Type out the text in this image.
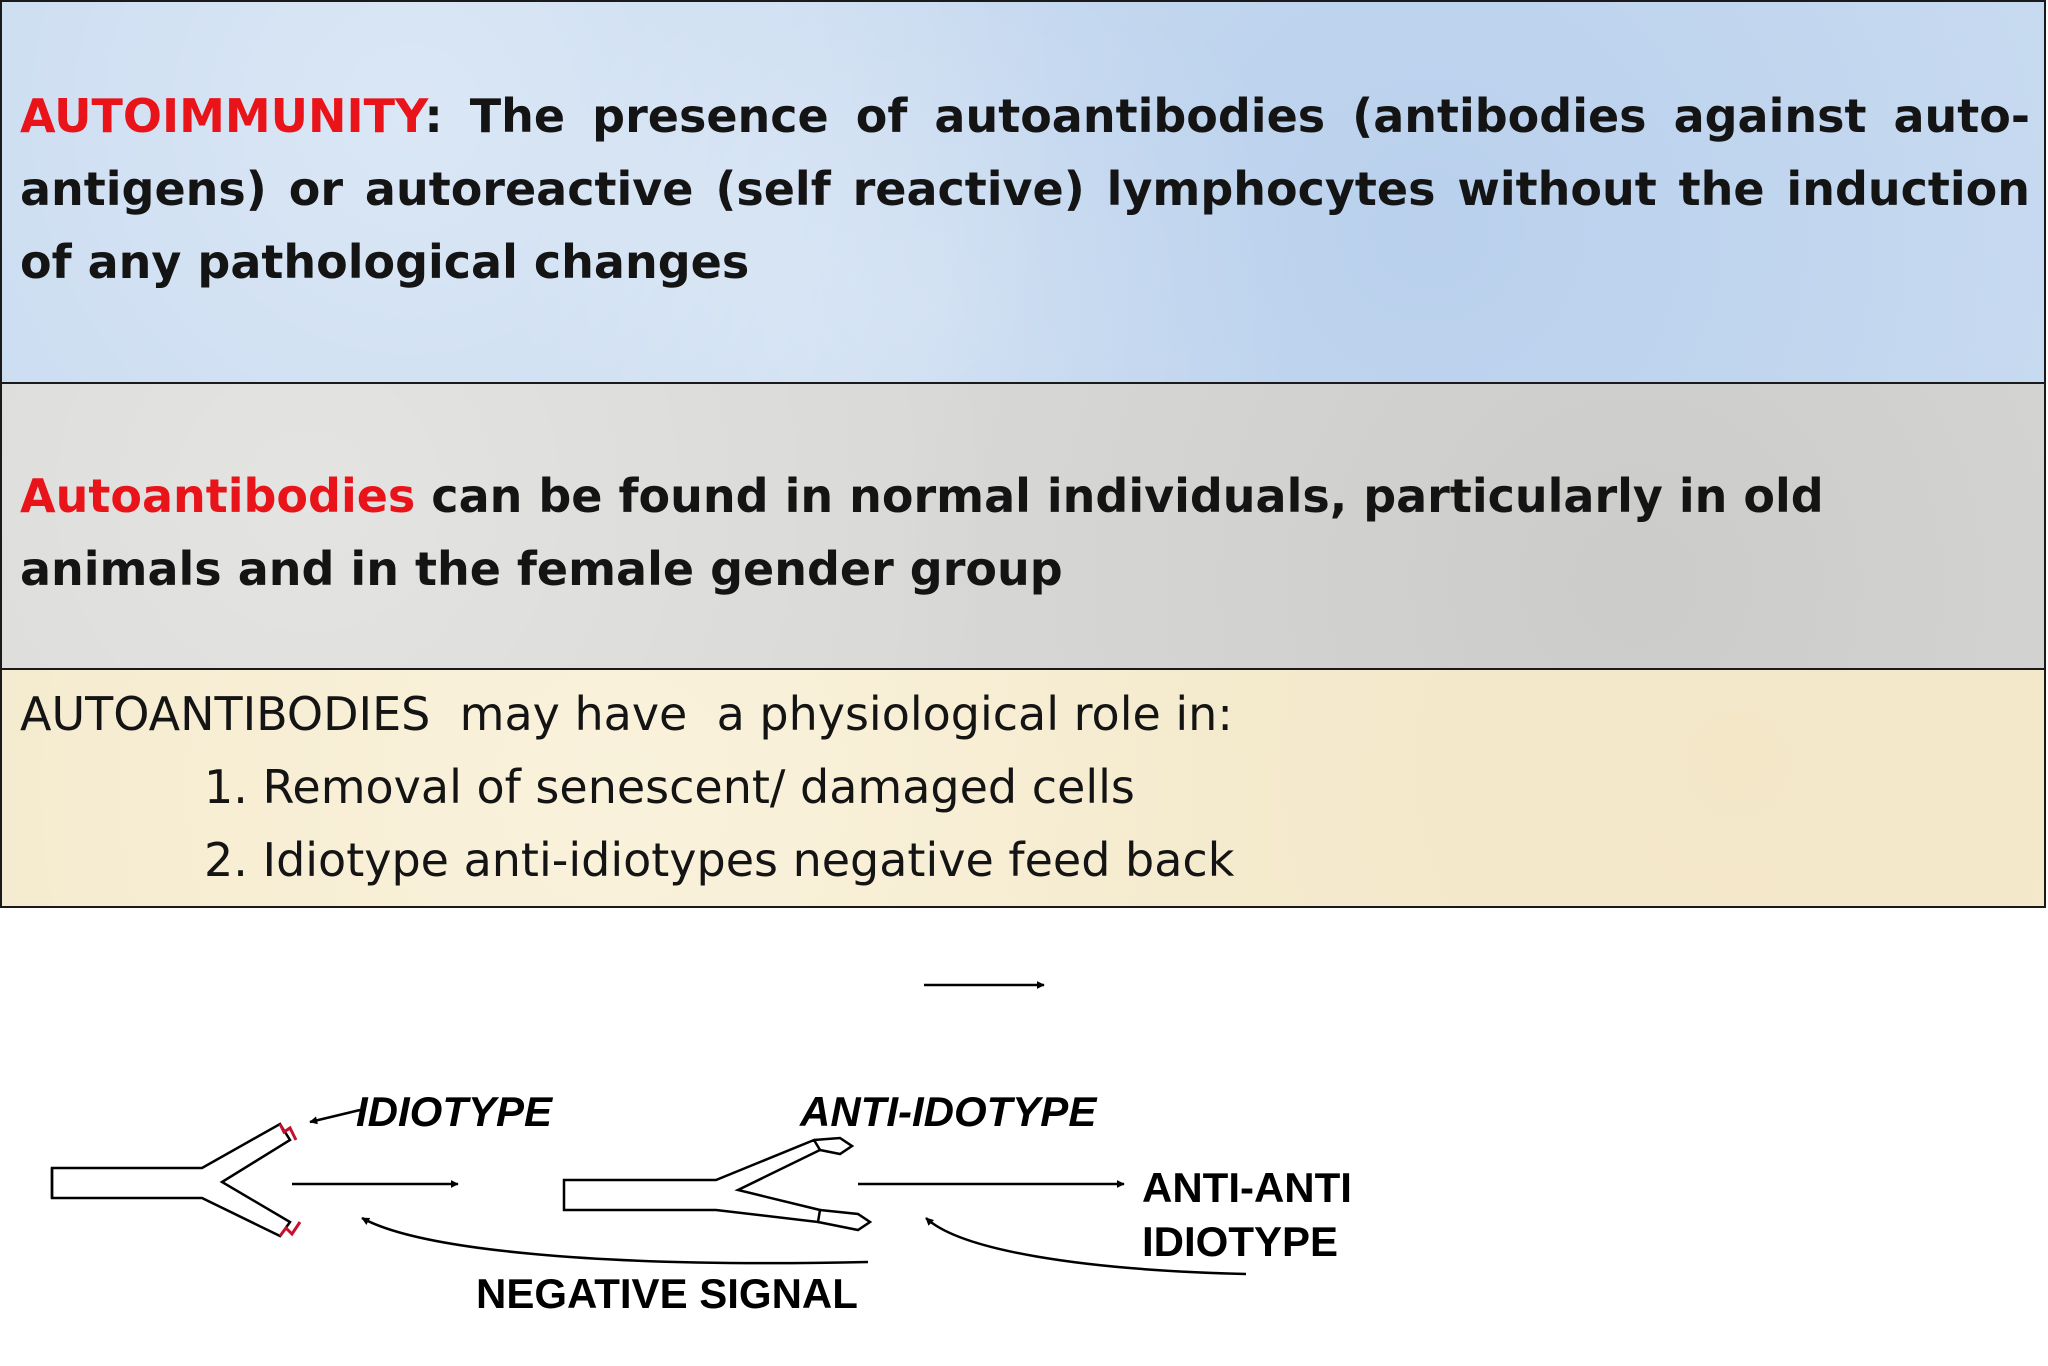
AUTOIMMUNITY: The presence of autoantibodies (antibodies against auto-antigens) or autoreactive (self reactive) lymphocytes without the induction of any pathological changes

Autoantibodies can be found in normal individuals, particularly in old animals and in the female gender group

AUTOANTIBODIES  may have  a physiological role in:
1. Removal of senescent/ damaged cells
2. Idiotype anti-idiotypes negative feed back
IDIOTYPE	ANTI-IDOTYPE
ANTI-ANTI
IDIOTYPE
NEGATIVE SIGNAL
